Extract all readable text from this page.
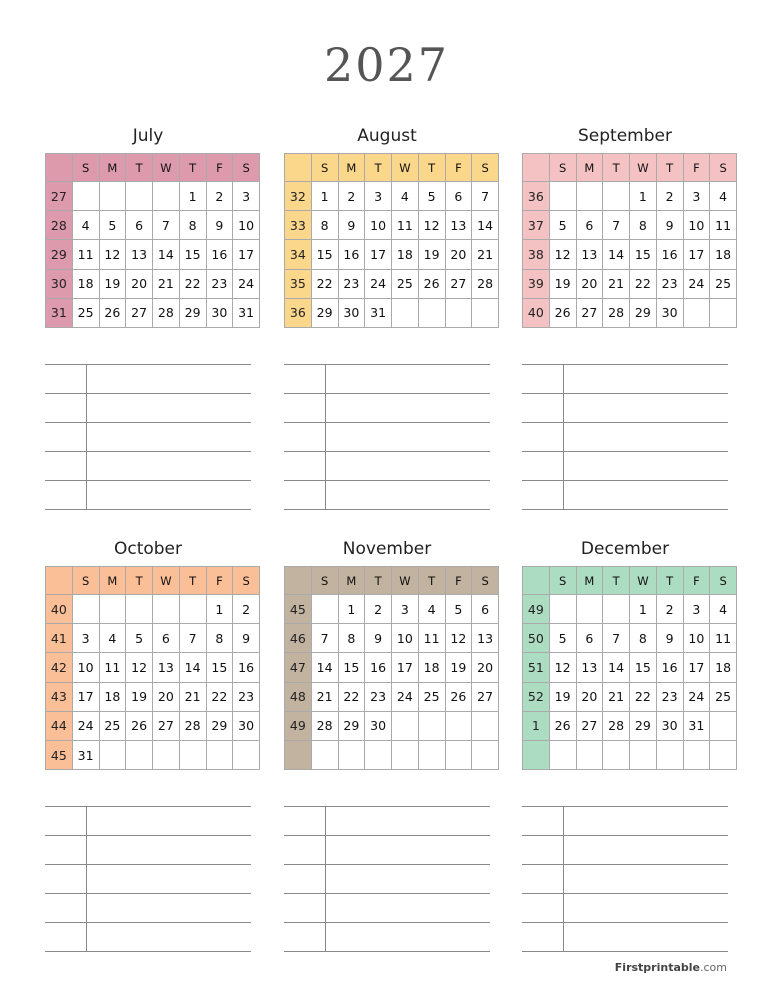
2027
July
	S	M	T	W	T	F	S
27					1	2	3
28	4	5	6	7	8	9	10
29	11	12	13	14	15	16	17
30	18	19	20	21	22	23	24
31	25	26	27	28	29	30	31
August
	S	M	T	W	T	F	S
32	1	2	3	4	5	6	7
33	8	9	10	11	12	13	14
34	15	16	17	18	19	20	21
35	22	23	24	25	26	27	28
36	29	30	31				
September
	S	M	T	W	T	F	S
36				1	2	3	4
37	5	6	7	8	9	10	11
38	12	13	14	15	16	17	18
39	19	20	21	22	23	24	25
40	26	27	28	29	30		
October
	S	M	T	W	T	F	S
40						1	2
41	3	4	5	6	7	8	9
42	10	11	12	13	14	15	16
43	17	18	19	20	21	22	23
44	24	25	26	27	28	29	30
45	31						
November
	S	M	T	W	T	F	S
45		1	2	3	4	5	6
46	7	8	9	10	11	12	13
47	14	15	16	17	18	19	20
48	21	22	23	24	25	26	27
49	28	29	30				

December
	S	M	T	W	T	F	S
49				1	2	3	4
50	5	6	7	8	9	10	11
51	12	13	14	15	16	17	18
52	19	20	21	22	23	24	25
1	26	27	28	29	30	31	

Firstprintable.com
